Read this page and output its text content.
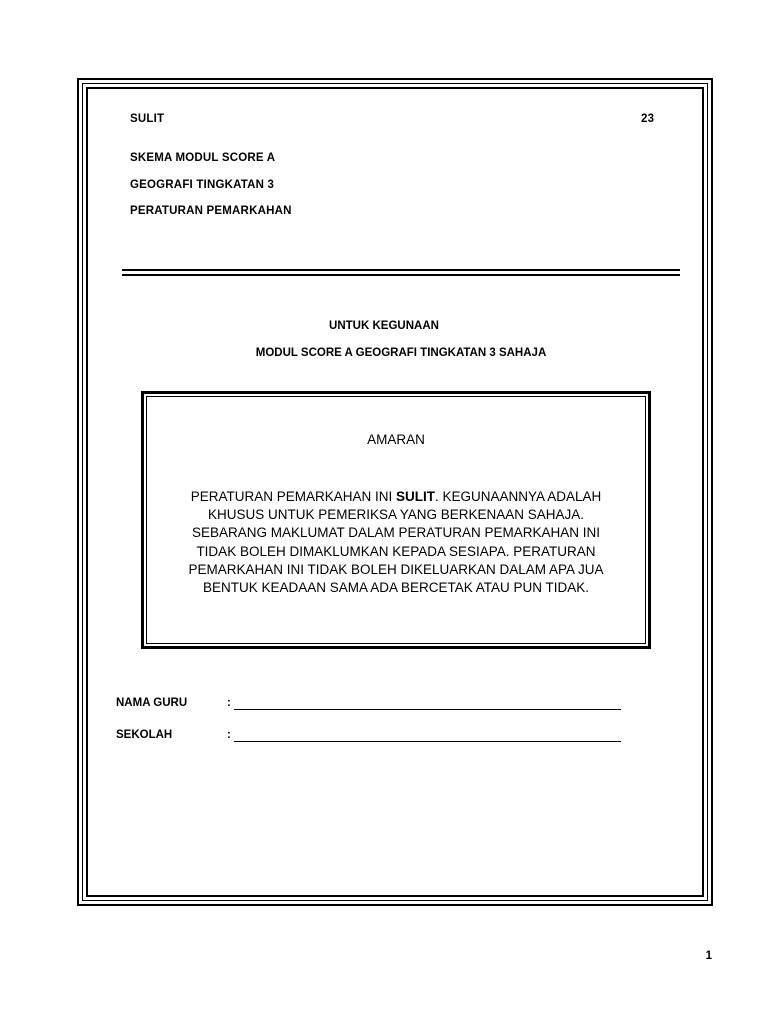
SULIT	23
SKEMA MODUL SCORE A
GEOGRAFI TINGKATAN 3
PERATURAN PEMARKAHAN
UNTUK KEGUNAAN
MODUL SCORE A GEOGRAFI TINGKATAN 3 SAHAJA
AMARAN
PERATURAN PEMARKAHAN INI SULIT. KEGUNAANNYA ADALAH
KHUSUS UNTUK PEMERIKSA YANG BERKENAAN SAHAJA.
SEBARANG MAKLUMAT DALAM PERATURAN PEMARKAHAN INI
TIDAK BOLEH DIMAKLUMKAN KEPADA SESIAPA. PERATURAN
PEMARKAHAN INI TIDAK BOLEH DIKELUARKAN DALAM APA JUA
BENTUK KEADAAN SAMA ADA BERCETAK ATAU PUN TIDAK.
NAMA GURU	:
SEKOLAH	:
1
